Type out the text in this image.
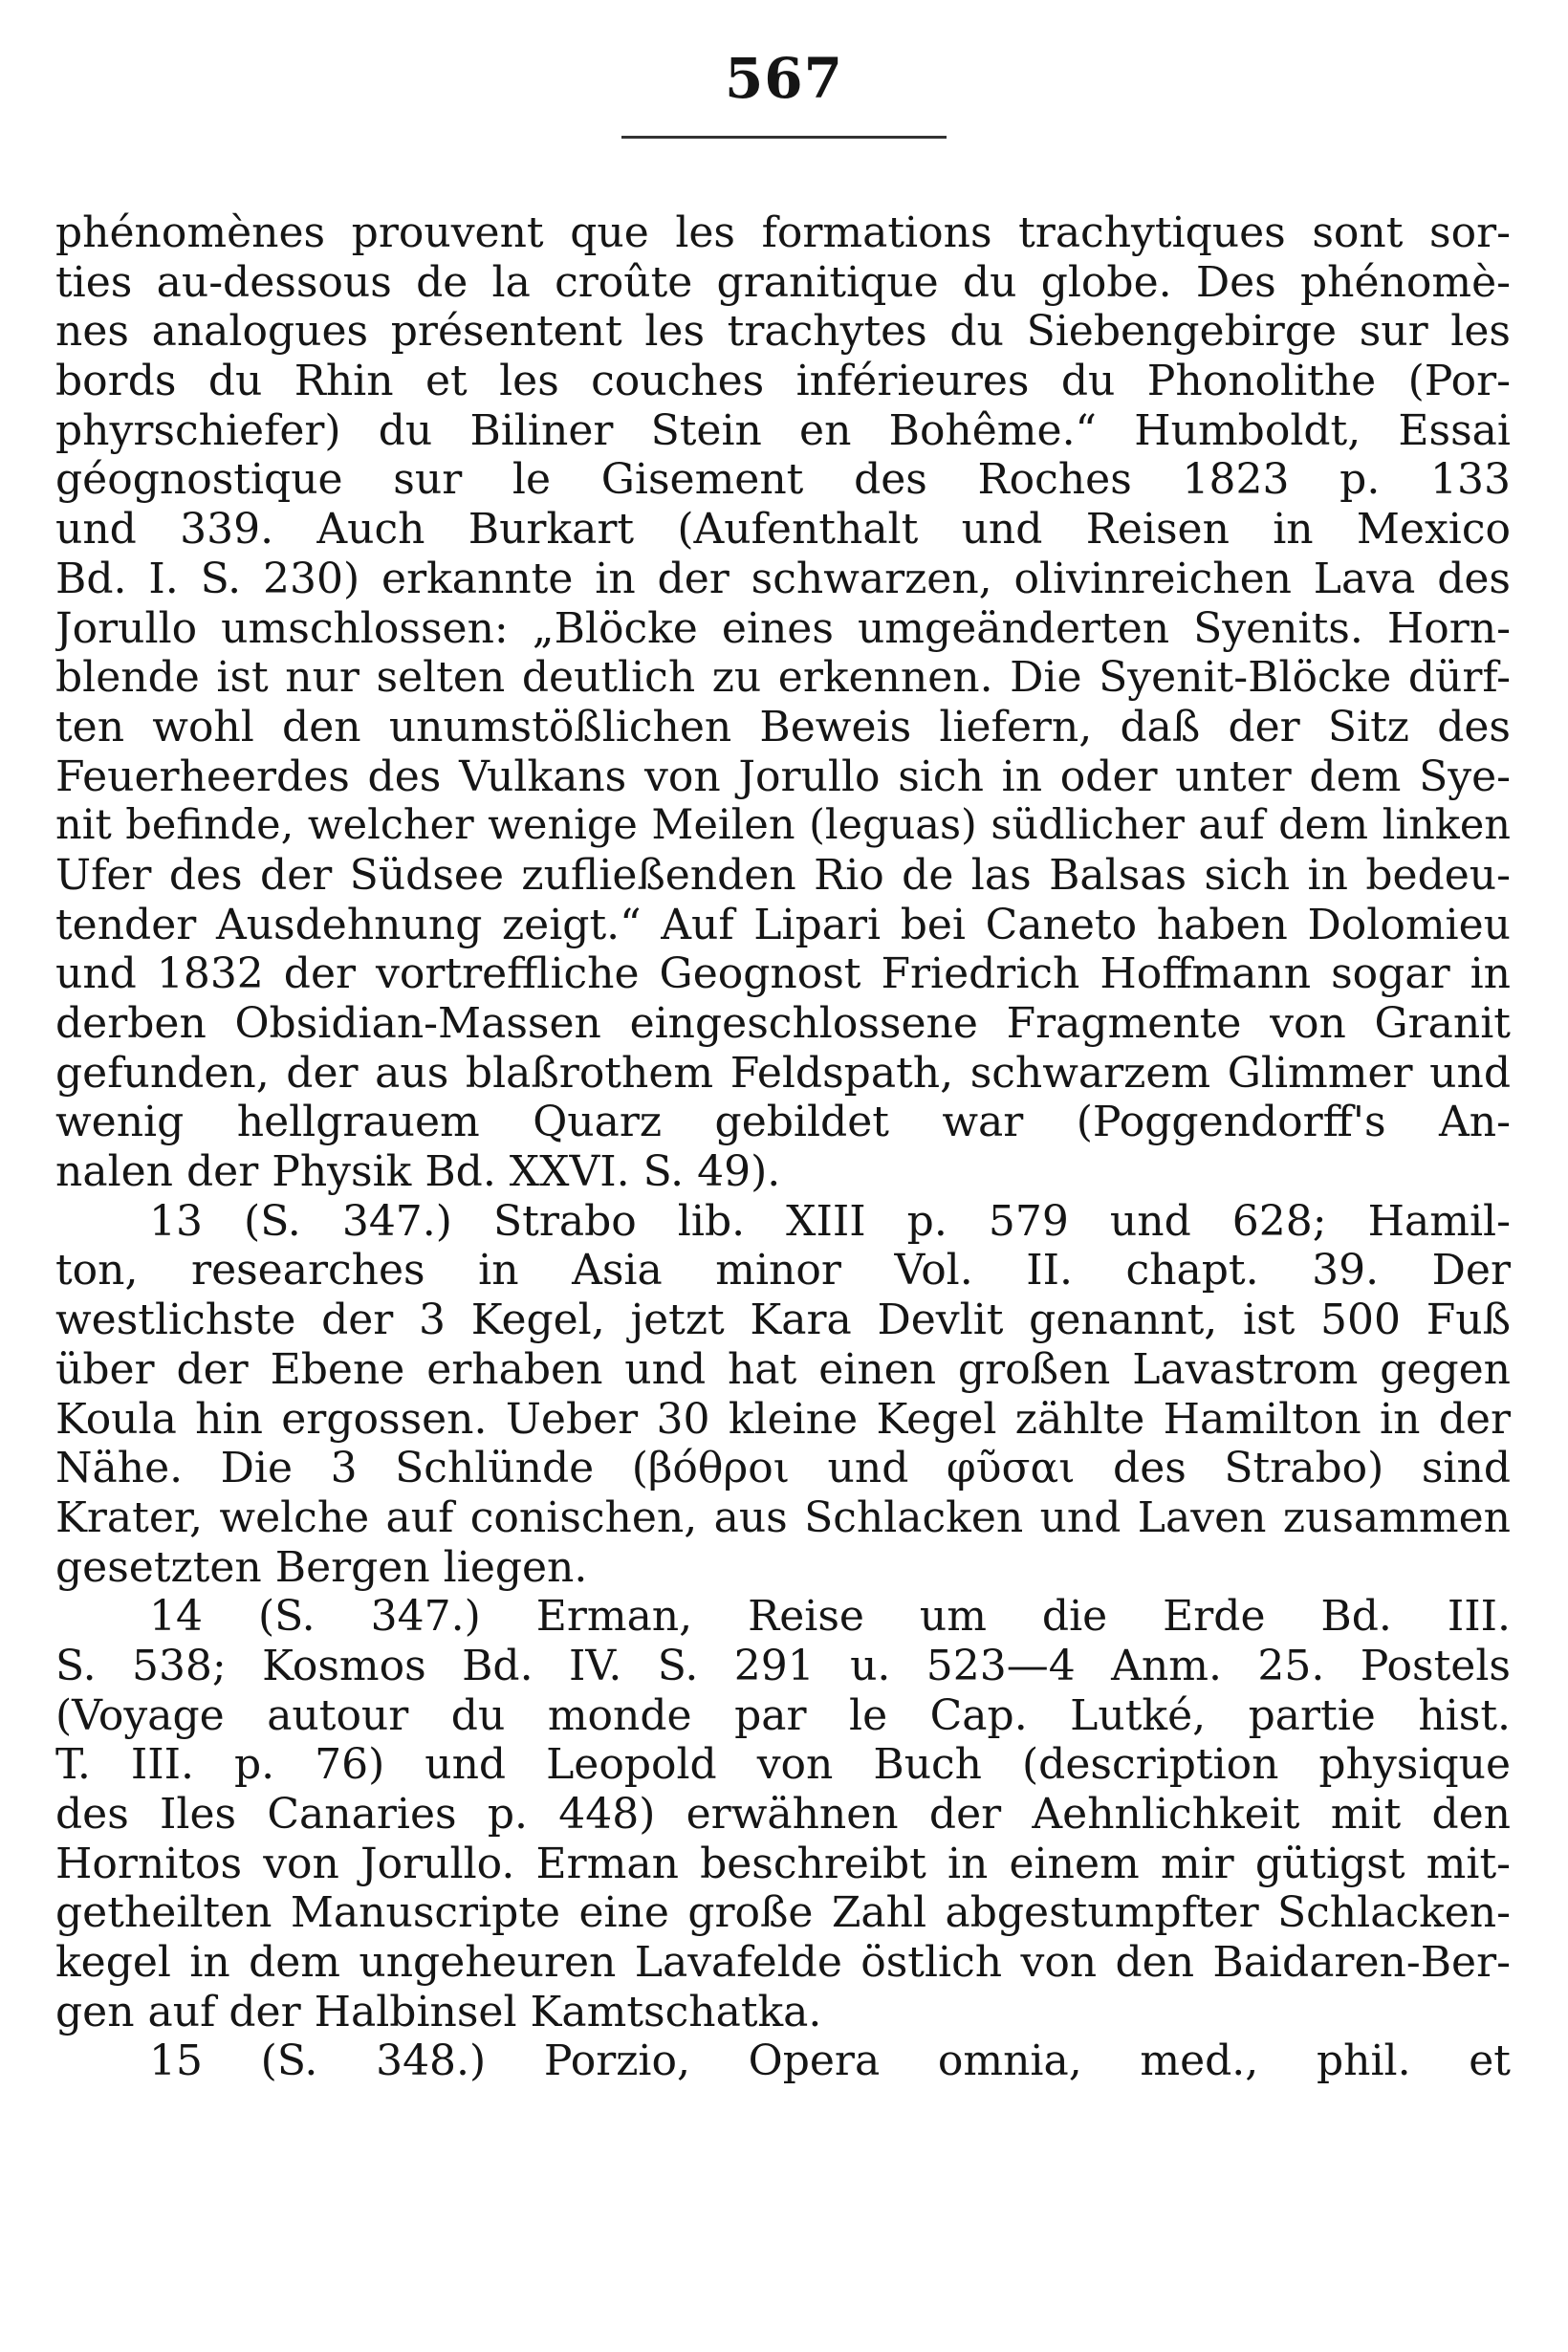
567
phénomènes prouvent que les formations trachytiques sont sor-
ties au-dessous de la croûte granitique du globe. Des phénomè-
nes analogues présentent les trachytes du Siebengebirge sur les
bords du Rhin et les couches inférieures du Phonolithe (Por-
phyrschiefer) du Biliner Stein en Bohême.“ Humboldt, Essai
géognostique sur le Gisement des Roches 1823 p. 133
und 339. Auch Burkart (Aufenthalt und Reisen in Mexico
Bd. I. S. 230) erkannte in der schwarzen, olivinreichen Lava des
Jorullo umschlossen: „Blöcke eines umgeänderten Syenits. Horn-
blende ist nur selten deutlich zu erkennen. Die Syenit-Blöcke dürf-
ten wohl den unumstößlichen Beweis liefern, daß der Sitz des
Feuerheerdes des Vulkans von Jorullo sich in oder unter dem Sye-
nit befinde, welcher wenige Meilen (leguas) südlicher auf dem linken
Ufer des der Südsee zufließenden Rio de las Balsas sich in bedeu-
tender Ausdehnung zeigt.“ Auf Lipari bei Caneto haben Dolomieu
und 1832 der vortreffliche Geognost Friedrich Hoffmann sogar in
derben Obsidian-Massen eingeschlossene Fragmente von Granit
gefunden, der aus blaßrothem Feldspath, schwarzem Glimmer und
wenig hellgrauem Quarz gebildet war (Poggendorff's An-
nalen der Physik Bd. XXVI. S. 49).
13 (S. 347.) Strabo lib. XIII p. 579 und 628; Hamil-
ton, researches in Asia minor Vol. II. chapt. 39. Der
westlichste der 3 Kegel, jetzt Kara Devlit genannt, ist 500 Fuß
über der Ebene erhaben und hat einen großen Lavastrom gegen
Koula hin ergossen. Ueber 30 kleine Kegel zählte Hamilton in der
Nähe. Die 3 Schlünde (βόθροι und φῦσαι des Strabo) sind
Krater, welche auf conischen, aus Schlacken und Laven zusammen
gesetzten Bergen liegen.
14 (S. 347.) Erman, Reise um die Erde Bd. III.
S. 538; Kosmos Bd. IV. S. 291 u. 523—4 Anm. 25. Postels
(Voyage autour du monde par le Cap. Lutké, partie hist.
T. III. p. 76) und Leopold von Buch (description physique
des Iles Canaries p. 448) erwähnen der Aehnlichkeit mit den
Hornitos von Jorullo. Erman beschreibt in einem mir gütigst mit-
getheilten Manuscripte eine große Zahl abgestumpfter Schlacken-
kegel in dem ungeheuren Lavafelde östlich von den Baidaren-Ber-
gen auf der Halbinsel Kamtschatka.
15 (S. 348.) Porzio, Opera omnia, med., phil. et
